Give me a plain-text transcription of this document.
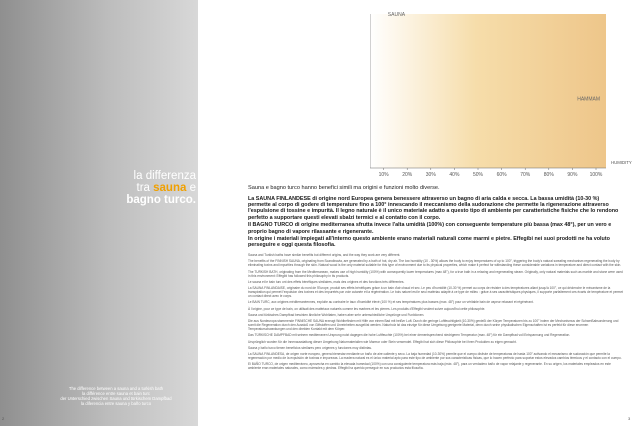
la differenza
tra sauna e
bagno turco.
The difference between a sauna and a turkish bath
la différence entre sauna et bain turc
der Unterschied zwischen Sauna und türkischem Dampfbad
la diferencia entre sauna y baño turco
2	3
10%	20%	30%	40%	50%	60%	70%	80%	90% 100%
SAUNA
HAMMAM
HUMIDITY
Sauna e bagno turco hanno benefici simili ma origini e funzioni molto diverse.

La SAUNA FINLANDESE di origine nord Europea genera benessere attraverso un bagno di aria calda e secca. La bassa umidità (10-30 %) permette al corpo di godere di temperature fino a 100° innescando il meccanismo della sudorazione che permette la rigenerazione attraverso l'espulsione di tossine e impurità. Il legno naturale è il unico materiale adatto a questo tipo di ambiente per caratteristiche fisiche che lo rendono perfetto a supportare questi elevati sbalzi termici e al contatto con il corpo.

Il BAGNO TURCO di origine mediterranea sfrutta invece l'alta umidità (100%) con conseguente temperature più bassa (max 48°), per un vero e proprio bagno di vapore rilassante e rigenerante.

In origine i materiali impiegati all'interno questo ambiente erano materiali naturali come marmi e pietre. Effegibi nei suoi prodotti ne ha voluto perseguire e oggi questa filosofia.

Sauna and Turkish baths have similar benefits but different origins, and the way they work are very different.

The benefits of the FINNISH SAUNA, originating from Scandinavia, are generated by a bath of hot, dry air. The low humidity (10 - 30%) allows the body to enjoy temperatures of up to 100°, triggering the body's natural sweating mechanism regenerating the body by eliminating toxins and impurities through the skin. Natural wood is the only material suitable for this type of environment due to its physical properties, which make it perfect for withstanding these considerable variations in temperature and direct contact with the skin.

The TURKISH BATH, originating from the Mediterranean, makes use of high humidity (100%) with consequently lower temperatures (max 48°), for a true bath in a relaxing and regenerating steam. Originally, only natural materials such as marble and stone were used in this environment: Effegibi has followed this philosophy in its products.

Le sauna et le bain turc ont des effets bénéfiques similaires, mais des origines et des fonctions très différentes.

La SAUNA FINLANDAISE, originaire du nord de l'Europe, produit ses effets bénéfiques grâce à un bain d'air chaud et sec. Le peu d'humidité (10-30 %) permet au corps de résister à des températures allant jusqu'à 100°, ce qui déclenche le mécanisme de la transpiration qui permet l'expulsion des toxines et des impuretés par voie cutanée et la régénération. Le bois naturel est le seul matériau adapté à ce type de milieu : grâce à ses caractéristiques physiques, il supporte parfaitement ces écarts de température et permet un contact direct avec le corps.

Le BAIN TURC, aux origines méditerranéennes, exploite au contraire le taux d'humidité élevé (100 %) et ses températures plus basses (max. 48°) pour un véritable bain de vapeur relaxant et régénérant.

À l'origine, pour ce type de bain, on utilisait des matériaux naturels comme les marbres et les pierres. Les produits d'Effegibi veulent suivre aujourd'hui cette philosophie.

Sauna und türkisches Dampfbad bewirken ähnliche Wohltaten, haben aber sehr unterschiedliche Ursprünge und Funktionen.

Die aus Nordeuropa stammende FINNISCHE SAUNA erzeugt Wohlbefinden mit Hilfe von einem Bad mit heißer Luft. Durch die geringe Luftfeuchtigkeit (10-30%) genießt der Körper Temperaturen bis zu 100° indem der Mechanismus der Schweißabsonderung und somit die Regeneration durch den Ausstoß von Giftstoffen und Unreinheiten ausgelöst werden. Naturholz ist das einzige für diese Umgebung geeignete Material, denn durch seine physikalischen Eigenschaften ist es perfekt für diese enormen Temperaturschwankungen und den direkten Kontakt mit dem Körper.

Das TÜRKISCHE DAMPFBAD mit seinem mediterranen Ursprung nutzt dagegen die hohe Luftfeuchte (100%) bei einer dementsprechend niedrigeren Temperatur (max. 48°) für ein Dampfbad voll Entspannung und Regeneration.

Ursprünglich wurden für die Innenausstattung dieser Umgebung Naturmaterialien wie Marmor oder Stein verwendet. Effegibi hat sich diese Philosophie bei ihren Produkten zu eigen gemacht.

Sauna y baño turco tienen beneficios similares pero orígenes y funciones muy distintas.

La SAUNA FINLANDESA, de origen norte europeo, genera bienestar mediante un baño de aire caliente y seco. La baja humedad (10-30%) permite que el cuerpo disfrute de temperaturas de hasta 100° activando el mecanismo de sudoración que permite la regeneración por medio de la expulsión de toxinas e impurezas. La madera natural es el único material apto para este tipo de ambiente por sus características físicas, que lo hacen perfecto para soportar estos elevados cambios térmicos y el contacto con el cuerpo.

El BAÑO TURCO, de origen mediterráneo, aprovecha en cambio la elevada humedad (100%) con una consiguiente temperatura más baja (máx. 48°), para un verdadero baño de vapor relajante y regenerante. En su origen, los materiales empleados en este ambiente eran materiales naturales, como mármoles y piedras. Effegibi ha querido perseguir en sus productos esta filosofía.
